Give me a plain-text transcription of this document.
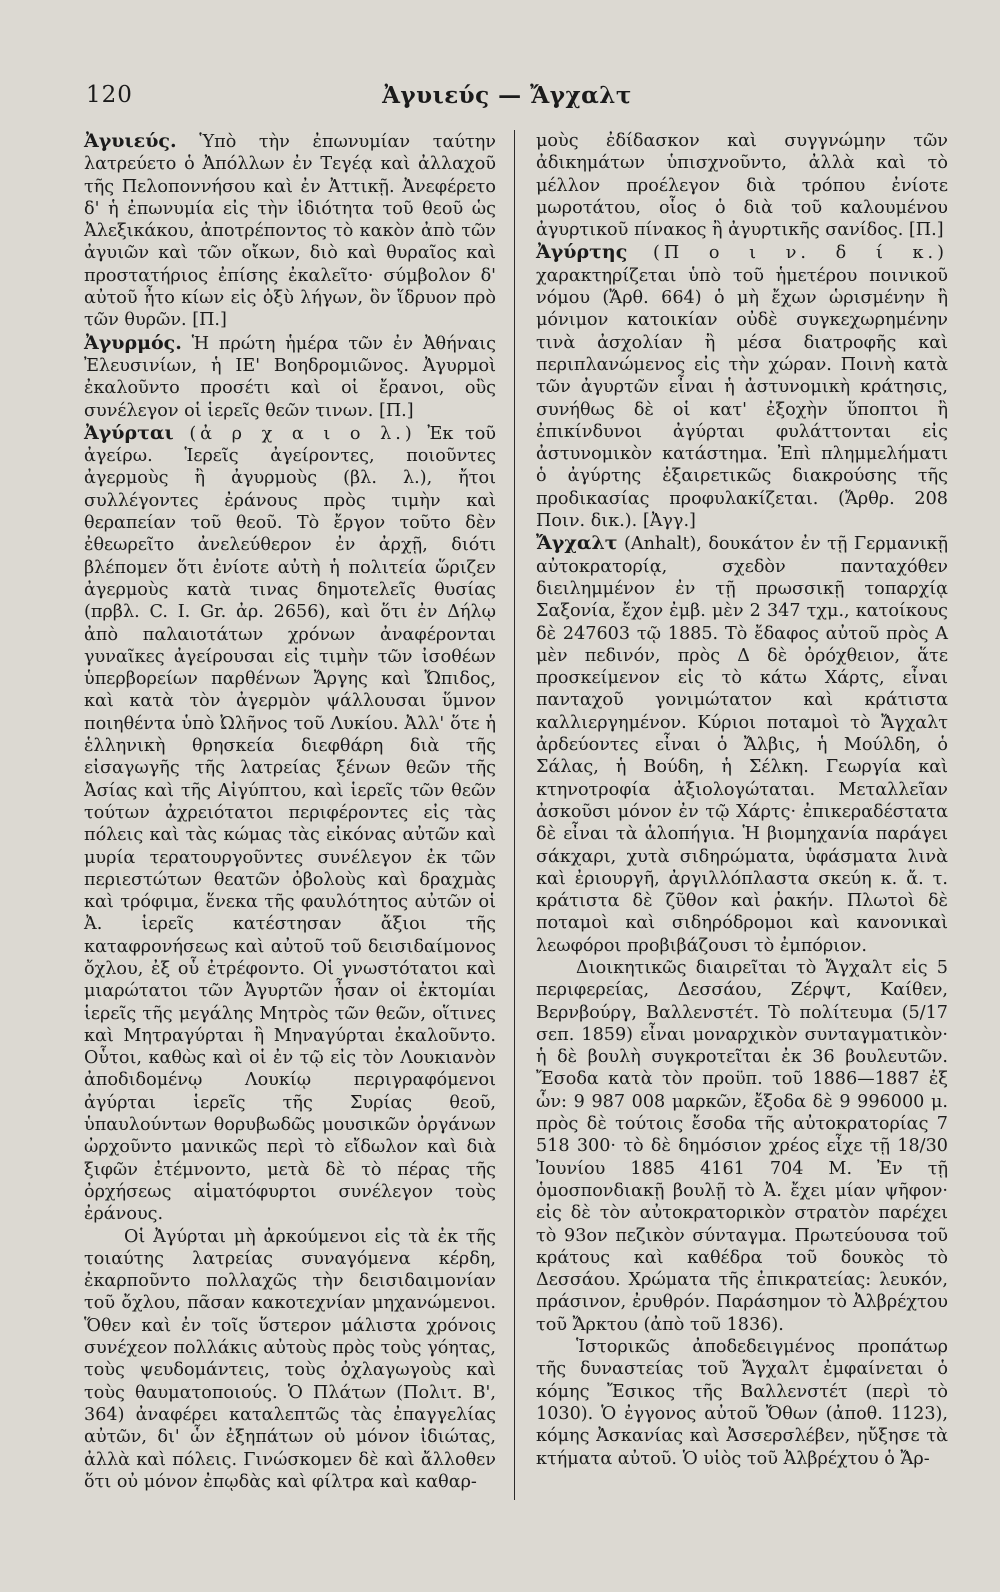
120	Ἀγυιεύς — Ἄγχαλτ

Ἀγυιεύς. Ὑπὸ τὴν ἐπωνυμίαν ταύτην λατρεύετο ὁ Ἀπόλλων ἐν Τεγέᾳ καὶ ἀλλαχοῦ τῆς Πελοποννήσου καὶ ἐν Ἀττικῇ. Ἀνεφέρετο δ' ἡ ἐπωνυμία εἰς τὴν ἰδιότητα τοῦ θεοῦ ὡς Ἀλεξικάκου, ἀποτρέποντος τὸ κακὸν ἀπὸ τῶν ἀγυιῶν καὶ τῶν οἴκων, διὸ καὶ θυραῖος καὶ προστατήριος ἐπίσης ἐκαλεῖτο· σύμβολον δ' αὐτοῦ ἦτο κίων εἰς ὀξὺ λήγων, ὃν ἵδρυον πρὸ τῶν θυρῶν. [Π.]

Ἀγυρμός. Ἡ πρώτη ἡμέρα τῶν ἐν Ἀθήναις Ἐλευσινίων, ἡ ΙΕ' Βοηδρομιῶνος. Ἀγυρμοὶ ἐκαλοῦντο προσέτι καὶ οἱ ἔρανοι, οὓς συνέλεγον οἱ ἱερεῖς θεῶν τινων. [Π.]

Ἀγύρται (ἀ ρ χ α ι ο λ.) Ἐκ τοῦ ἀγείρω. Ἱερεῖς ἀγείροντες, ποιοῦντες ἀγερμοὺς ἢ ἀγυρμοὺς (βλ. λ.), ἤτοι συλλέγοντες ἐράνους πρὸς τιμὴν καὶ θεραπείαν τοῦ θεοῦ. Τὸ ἔργον τοῦτο δὲν ἐθεωρεῖτο ἀνελεύθερον ἐν ἀρχῇ, διότι βλέπομεν ὅτι ἐνίοτε αὐτὴ ἡ πολιτεία ὥριζεν ἀγερμοὺς κατὰ τινας δημοτελεῖς θυσίας (πρβλ. C. I. Gr. ἀρ. 2656), καὶ ὅτι ἐν Δήλῳ ἀπὸ παλαιοτάτων χρόνων ἀναφέρονται γυναῖκες ἀγείρουσαι εἰς τιμὴν τῶν ἰσοθέων ὑπερβορείων παρθένων Ἄργης καὶ Ὤπιδος, καὶ κατὰ τὸν ἀγερμὸν ψάλλουσαι ὕμνον ποιηθέντα ὑπὸ Ὠλῆνος τοῦ Λυκίου. Ἀλλ' ὅτε ἡ ἑλληνικὴ θρησκεία διεφθάρη διὰ τῆς εἰσαγωγῆς τῆς λατρείας ξένων θεῶν τῆς Ἀσίας καὶ τῆς Αἰγύπτου, καὶ ἱερεῖς τῶν θεῶν τούτων ἀχρειότατοι περιφέροντες εἰς τὰς πόλεις καὶ τὰς κώμας τὰς εἰκόνας αὐτῶν καὶ μυρία τερατουργοῦντες συνέλεγον ἐκ τῶν περιεστώτων θεατῶν ὀβολοὺς καὶ δραχμὰς καὶ τρόφιμα, ἕνεκα τῆς φαυλότητος αὐτῶν οἱ Ἀ. ἱερεῖς κατέστησαν ἄξιοι τῆς καταφρονήσεως καὶ αὐτοῦ τοῦ δεισιδαίμονος ὄχλου, ἐξ οὗ ἐτρέφοντο. Οἱ γνωστότατοι καὶ μιαρώτατοι τῶν Ἀγυρτῶν ἦσαν οἱ ἐκτομίαι ἱερεῖς τῆς μεγάλης Μητρὸς τῶν θεῶν, οἵτινες καὶ Μητραγύρται ἢ Μηναγύρται ἐκαλοῦντο. Οὗτοι, καθὼς καὶ οἱ ἐν τῷ εἰς τὸν Λουκιανὸν ἀποδιδομένῳ Λουκίῳ περιγραφόμενοι ἀγύρται ἱερεῖς τῆς Συρίας θεοῦ, ὑπαυλούντων θορυβωδῶς μουσικῶν ὀργάνων ὠρχοῦντο μανικῶς περὶ τὸ εἴδωλον καὶ διὰ ξιφῶν ἐτέμνοντο, μετὰ δὲ τὸ πέρας τῆς ὀρχήσεως αἱματόφυρτοι συνέλεγον τοὺς ἐράνους.

Οἱ Ἀγύρται μὴ ἀρκούμενοι εἰς τὰ ἐκ τῆς τοιαύτης λατρείας συναγόμενα κέρδη, ἐκαρποῦντο πολλαχῶς τὴν δεισιδαιμονίαν τοῦ ὄχλου, πᾶσαν κακοτεχνίαν μηχανώμενοι. Ὅθεν καὶ ἐν τοῖς ὕστερον μάλιστα χρόνοις συνέχεον πολλάκις αὐτοὺς πρὸς τοὺς γόητας, τοὺς ψευδομάντεις, τοὺς ὀχλαγωγοὺς καὶ τοὺς θαυματοποιούς. Ὁ Πλάτων (Πολιτ. Β', 364) ἀναφέρει καταλεπτῶς τὰς ἐπαγγελίας αὐτῶν, δι' ὧν ἐξηπάτων οὐ μόνον ἰδιώτας, ἀλλὰ καὶ πόλεις. Γινώσκομεν δὲ καὶ ἄλλοθεν ὅτι οὐ μόνον ἐπῳδὰς καὶ φίλτρα καὶ καθαρ-

μοὺς ἐδίδασκον καὶ συγγνώμην τῶν ἀδικημάτων ὑπισχνοῦντο, ἀλλὰ καὶ τὸ μέλλον προέλεγον διὰ τρόπου ἐνίοτε μωροτάτου, οἷος ὁ διὰ τοῦ καλουμένου ἀγυρτικοῦ πίνακος ἢ ἀγυρτικῆς σανίδος. [Π.]

Ἀγύρτης (Π ο ι ν. δ ί κ.) χαρακτηρίζεται ὑπὸ τοῦ ἡμετέρου ποινικοῦ νόμου (Ἄρθ. 664) ὁ μὴ ἔχων ὡρισμένην ἢ μόνιμον κατοικίαν οὐδὲ συγκεχωρημένην τινὰ ἀσχολίαν ἢ μέσα διατροφῆς καὶ περιπλανώμενος εἰς τὴν χώραν. Ποινὴ κατὰ τῶν ἀγυρτῶν εἶναι ἡ ἀστυνομικὴ κράτησις, συνήθως δὲ οἱ κατ' ἐξοχὴν ὕποπτοι ἢ ἐπικίνδυνοι ἀγύρται φυλάττονται εἰς ἀστυνομικὸν κατάστημα. Ἐπὶ πλημμελήματι ὁ ἀγύρτης ἐξαιρετικῶς διακρούσης τῆς προδικασίας προφυλακίζεται. (Ἄρθρ. 208 Ποιν. δικ.). [Ἀγγ.]

Ἄγχαλτ (Anhalt), δουκάτον ἐν τῇ Γερμανικῇ αὐτοκρατορίᾳ, σχεδὸν πανταχόθεν διειλημμένον ἐν τῇ πρωσσικῇ τοπαρχίᾳ Σαξονία, ἔχον ἐμβ. μὲν 2 347 τχμ., κατοίκους δὲ 247603 τῷ 1885. Τὸ ἔδαφος αὐτοῦ πρὸς Α μὲν πεδινόν, πρὸς Δ δὲ ὀρόχθειον, ἅτε προσκείμενον εἰς τὸ κάτω Χάρτς, εἶναι πανταχοῦ γονιμώτατον καὶ κράτιστα καλλιεργημένον. Κύριοι ποταμοὶ τὸ Ἄγχαλτ ἀρδεύοντες εἶναι ὁ Ἄλβις, ἡ Μούλδη, ὁ Σάλας, ἡ Βούδη, ἡ Σέλκη. Γεωργία καὶ κτηνοτροφία ἀξιολογώταται. Μεταλλεῖαν ἀσκοῦσι μόνον ἐν τῷ Χάρτς· ἐπικεραδέστατα δὲ εἶναι τὰ ἁλοπήγια. Ἡ βιομηχανία παράγει σάκχαρι, χυτὰ σιδηρώματα, ὑφάσματα λινὰ καὶ ἐριουργῆ, ἀργιλλόπλαστα σκεύη κ. ἄ. τ. κράτιστα δὲ ζῦθον καὶ ῥακήν. Πλωτοὶ δὲ ποταμοὶ καὶ σιδηρόδρομοι καὶ κανονικαὶ λεωφόροι προβιβάζουσι τὸ ἐμπόριον.

Διοικητικῶς διαιρεῖται τὸ Ἄγχαλτ εἰς 5 περιφερείας, Δεσσάου, Ζέρψτ, Καίθεν, Βερνβούργ, Βαλλενστέτ. Τὸ πολίτευμα (5/17 σεπ. 1859) εἶναι μοναρχικὸν συνταγματικὸν· ἡ δὲ βουλὴ συγκροτεῖται ἐκ 36 βουλευτῶν. Ἔσοδα κατὰ τὸν προϋπ. τοῦ 1886—1887 ἐξ ὧν: 9 987 008 μαρκῶν, ἔξοδα δὲ 9 996000 μ. πρὸς δὲ τούτοις ἔσοδα τῆς αὐτοκρατορίας 7 518 300· τὸ δὲ δημόσιον χρέος εἶχε τῇ 18/30 Ἰουνίου 1885 4161 704 Μ. Ἐν τῇ ὁμοσπονδιακῇ βουλῇ τὸ Ἀ. ἔχει μίαν ψῆφον· εἰς δὲ τὸν αὐτοκρατορικὸν στρατὸν παρέχει τὸ 93ον πεζικὸν σύνταγμα. Πρωτεύουσα τοῦ κράτους καὶ καθέδρα τοῦ δουκὸς τὸ Δεσσάου. Χρώματα τῆς ἐπικρατείας: λευκόν, πράσινον, ἐρυθρόν. Παράσημον τὸ Ἀλβρέχτου τοῦ Ἄρκτου (ἀπὸ τοῦ 1836).

Ἱστορικῶς ἀποδεδειγμένος προπάτωρ τῆς δυναστείας τοῦ Ἄγχαλτ ἐμφαίνεται ὁ κόμης Ἔσικος τῆς Βαλλενστέτ (περὶ τὸ 1030). Ὁ ἐγγονος αὐτοῦ Ὄθων (ἀποθ. 1123), κόμης Ἀσκανίας καὶ Ἀσσερσλέβεν, ηὔξησε τὰ κτήματα αὐτοῦ. Ὁ υἱὸς τοῦ Ἀλβρέχτου ὁ Ἄρ-
